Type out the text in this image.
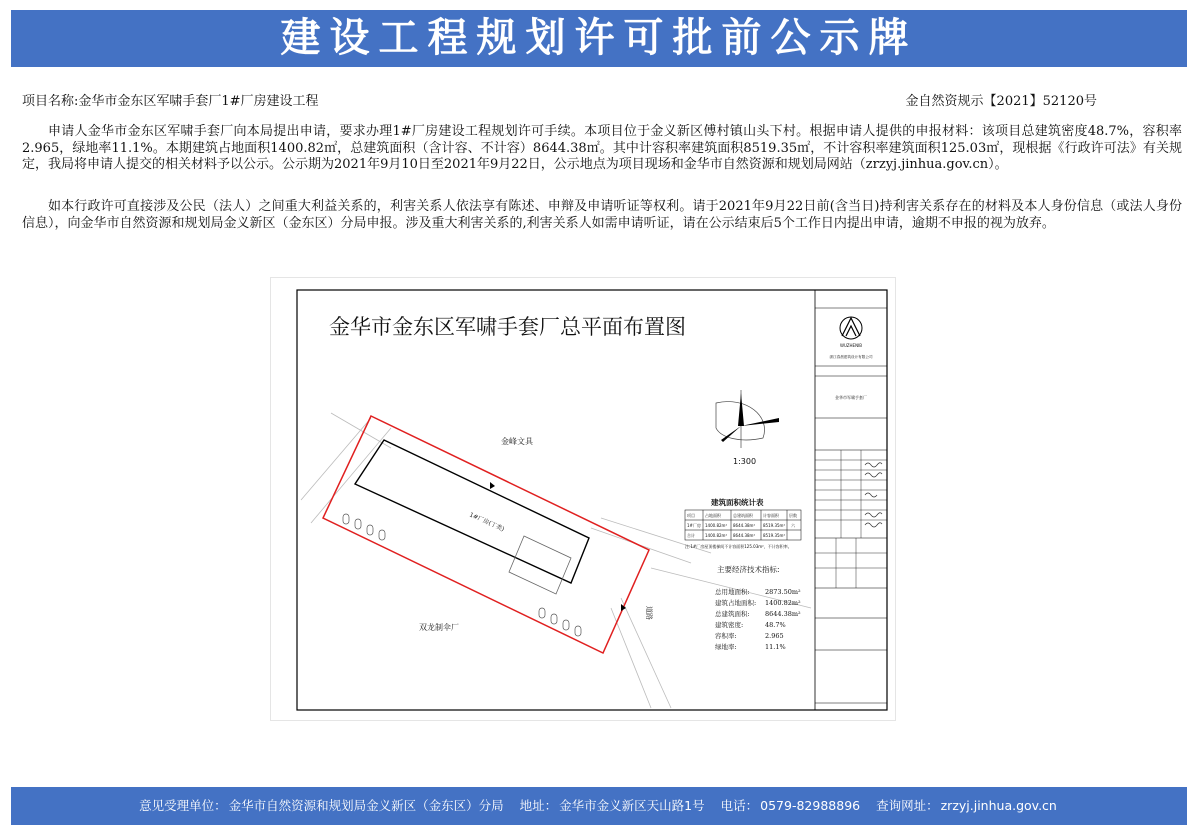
建设工程规划许可批前公示牌
项目名称:金华市金东区军啸手套厂1#厂房建设工程	金自然资规示【2021】52120号

申请人金华市金东区军啸手套厂向本局提出申请，要求办理1#厂房建设工程规划许可手续。本项目位于金义新区傅村镇山头下村。根据申请人提供的申报材料：该项目总建筑密度48.7%，容积率2.965，绿地率11.1%。本期建筑占地面积1400.82㎡，总建筑面积（含计容、不计容）8644.38㎡。其中计容积率建筑面积8519.35㎡，不计容积率建筑面积125.03㎡，现根据《行政许可法》有关规定，我局将申请人提交的相关材料予以公示。公示期为2021年9月10日至2021年9月22日，公示地点为项目现场和金华市自然资源和规划局网站（zrzyj.jinhua.gov.cn）。

如本行政许可直接涉及公民（法人）之间重大利益关系的，利害关系人依法享有陈述、申辩及申请听证等权利。请于2021年9月22日前(含当日)持利害关系存在的材料及本人身份信息（或法人身份信息），向金华市自然资源和规划局金义新区（金东区）分局申报。涉及重大利害关系的,利害关系人如需申请听证，请在公示结束后5个工作日内提出申请，逾期不申报的视为放弃。

金华市金东区军啸手套厂总平面布置图
1#厂房(丁类)
金峰文具
双龙制伞厂
道路
1:300
建筑面积统计表
项目	占地面积	总建筑面积	计容面积	层数
1#厂房 1400.82m² 8644.38m² 8519.35m² 六
合计	1400.82m² 8644.38m² 8519.35m²
注:1#厂房屋顶楼梯间不计容面积125.03m²，不计容积率。
主要经济技术指标:
总用地面积: 2873.50m²
建筑占地面积: 1400.82m²
总建筑面积: 8644.38m²
建筑密度:	48.7%
容积率:	2.965
绿地率:	11.1%
WUZHENIB
浙江春晨建筑设计有限公司
金华市军啸手套厂
意见受理单位： 金华市自然资源和规划局金义新区（金东区）分局 地址： 金华市金义新区天山路1号 电话： 0579-82988896 查询网址： zrzyj.jinhua.gov.cn
